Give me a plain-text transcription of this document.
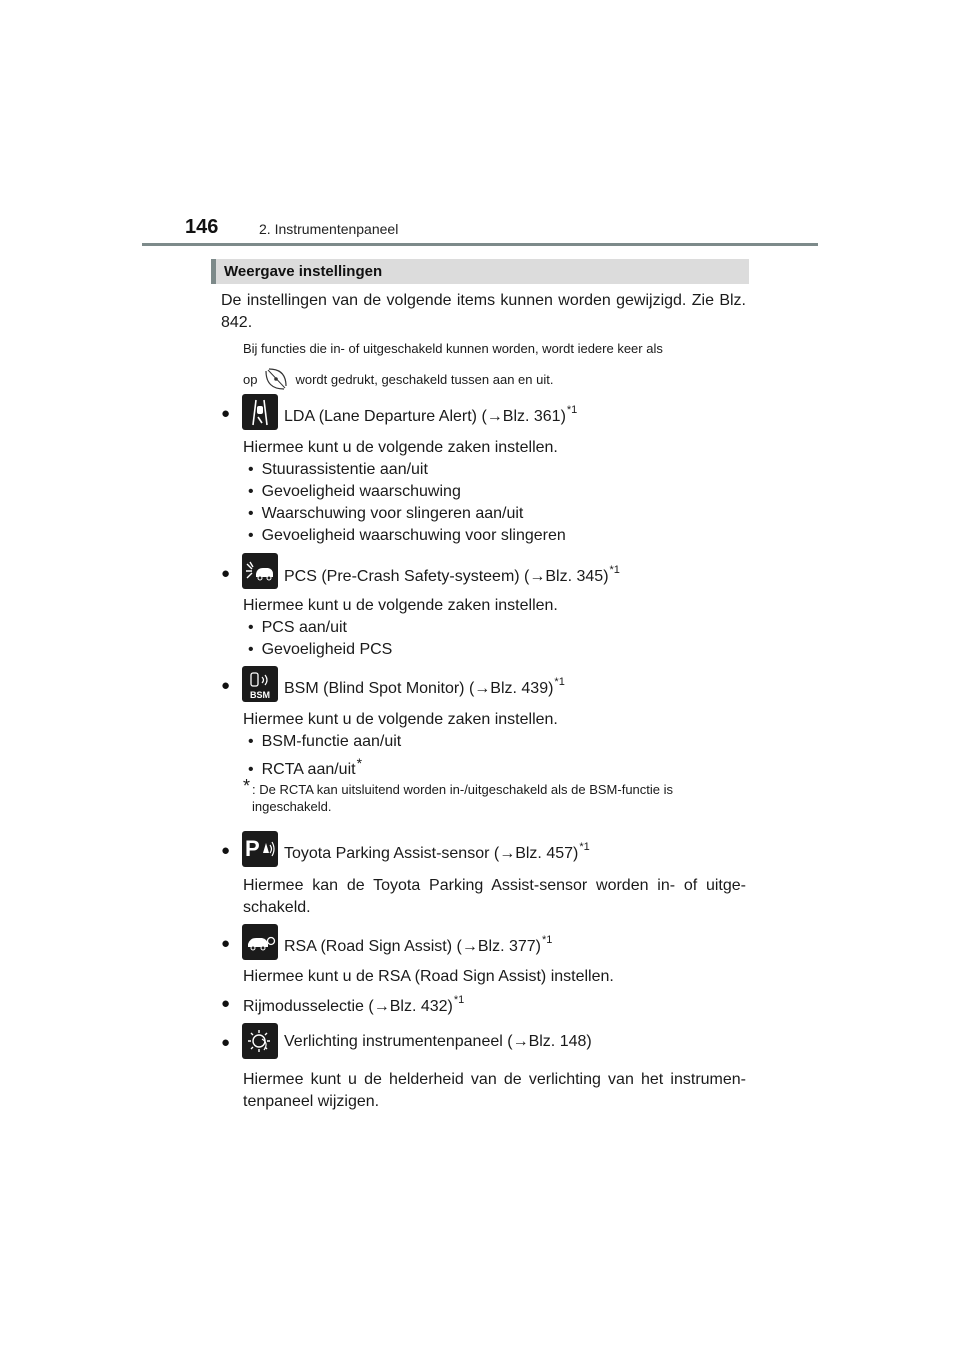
146	2. Instrumentenpaneel
Weergave instellingen
De instellingen van de volgende items kunnen worden gewijzigd. Zie Blz. 842.
Bij functies die in- of uitgeschakeld kunnen worden, wordt iedere keer als
op	wordt gedrukt, geschakeld tussen aan en uit.
●	LDA (Lane Departure Alert) (→Blz. 361)$^{*1}$
Hiermee kunt u de volgende zaken instellen.
• Stuurassistentie aan/uit
• Gevoeligheid waarschuwing
• Waarschuwing voor slingeren aan/uit
• Gevoeligheid waarschuwing voor slingeren
●	PCS (Pre-Crash Safety-systeem) (→Blz. 345)$^{*1}$
Hiermee kunt u de volgende zaken instellen.
• PCS aan/uit
• Gevoeligheid PCS
●
BSM BSM (Blind Spot Monitor) (→Blz. 439)$^{*1}$
Hiermee kunt u de volgende zaken instellen.
• BSM-functie aan/uit
• RCTA aan/uit*
* : De RCTA kan uitsluitend worden in-/uitgeschakeld als de BSM-functie is ingeschakeld.
● P Toyota Parking Assist-sensor (→Blz. 457)$^{*1}$
Hiermee kan de Toyota Parking Assist-sensor worden in- of uitge-schakeld.
●	RSA (Road Sign Assist) (→Blz. 377)$^{*1}$
Hiermee kunt u de RSA (Road Sign Assist) instellen.
● Rijmodusselectie (→Blz. 432)$^{*1}$
●	Verlichting instrumentenpaneel (→Blz. 148)
Hiermee kunt u de helderheid van de verlichting van het instrumen-tenpaneel wijzigen.
